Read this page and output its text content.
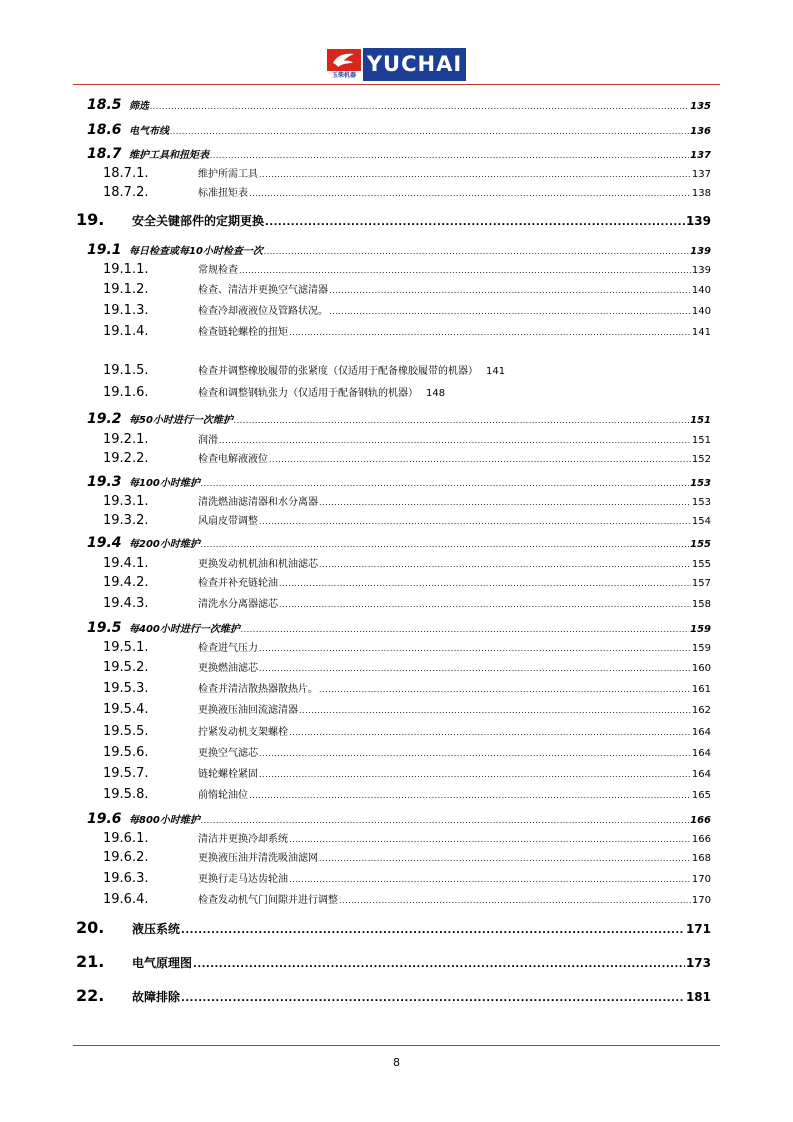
玉柴机器 YUCHAI
18.5 筛选 .....	135
18.6 电气布线 .....	136
18.7 维护工具和扭矩表 .....	137
18.7.1.	维护所需工具 .....	137
18.7.2.	标准扭矩表 .....	138
19.	安全关键部件的定期更换 .....	139
19.1 每日检查或每10小时检查一次 .....	139
19.1.1.	常规检查 .....	139
19.1.2.	检查、清洁并更换空气滤清器 .....	140
19.1.3.	检查冷却液液位及管路状况。 .....	140
19.1.4.	检查链轮螺栓的扭矩 .....	141
19.1.5.	检查并调整橡胶履带的张紧度（仅适用于配备橡胶履带的机器） 141
19.1.6.	检查和调整钢轨张力（仅适用于配备钢轨的机器） 148
19.2 每50小时进行一次维护 .....	151
19.2.1.	润滑 .....	151
19.2.2.	检查电解液液位 .....	152
19.3 每100小时维护 .....	153
19.3.1.	清洗燃油滤清器和水分离器 .....	153
19.3.2.	风扇皮带调整 .....	154
19.4 每200小时维护 .....	155
19.4.1.	更换发动机机油和机油滤芯 .....	155
19.4.2.	检查并补充链轮油 .....	157
19.4.3.	清洗水分离器滤芯 .....	158
19.5 每400小时进行一次维护 .....	159
19.5.1.	检查进气压力 .....	159
19.5.2.	更换燃油滤芯 .....	160
19.5.3.	检查并清洁散热器散热片。 .....	161
19.5.4.	更换液压油回流滤清器 .....	162
19.5.5.	拧紧发动机支架螺栓 .....	164
19.5.6.	更换空气滤芯 .....	164
19.5.7.	链轮螺栓紧固 .....	164
19.5.8.	前惰轮油位 .....	165
19.6 每800小时维护 .....	166
19.6.1.	清洁并更换冷却系统 .....	166
19.6.2.	更换液压油并清洗吸油滤网 .....	168
19.6.3.	更换行走马达齿轮油 .....	170
19.6.4.	检查发动机气门间隙并进行调整 .....	170
20.	液压系统 .....	171
21.	电气原理图 .....	173
22.	故障排除 .....	181
8
